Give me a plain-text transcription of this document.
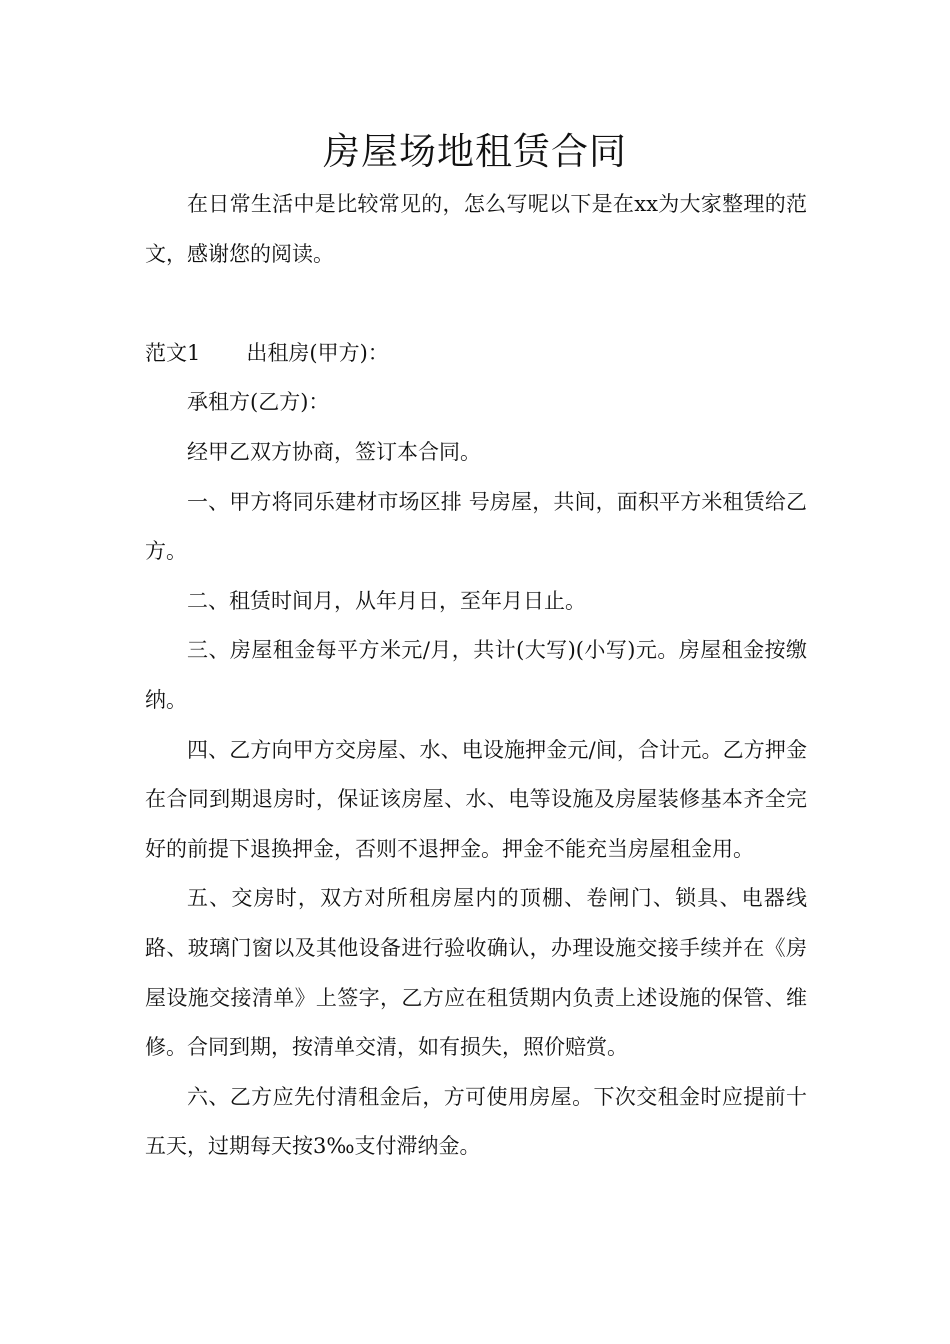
房屋场地租赁合同

在日常生活中是比较常见的，怎么写呢以下是在xx为大家整理的范文，感谢您的阅读。

范文1 出租房(甲方)：

承租方(乙方)：

经甲乙双方协商，签订本合同。

一、甲方将同乐建材市场区排 号房屋，共间，面积平方米租赁给乙方。

二、租赁时间月，从年月日，至年月日止。

三、房屋租金每平方米元/月，共计(大写)(小写)元。房屋租金按缴纳。

四、乙方向甲方交房屋、水、电设施押金元/间，合计元。乙方押金在合同到期退房时，保证该房屋、水、电等设施及房屋装修基本齐全完好的前提下退换押金，否则不退押金。押金不能充当房屋租金用。

五、交房时，双方对所租房屋内的顶棚、卷闸门、锁具、电器线路、玻璃门窗以及其他设备进行验收确认，办理设施交接手续并在《房屋设施交接清单》上签字，乙方应在租赁期内负责上述设施的保管、维修。合同到期，按清单交清，如有损失，照价赔赏。

六、乙方应先付清租金后，方可使用房屋。下次交租金时应提前十五天，过期每天按3‰支付滞纳金。
